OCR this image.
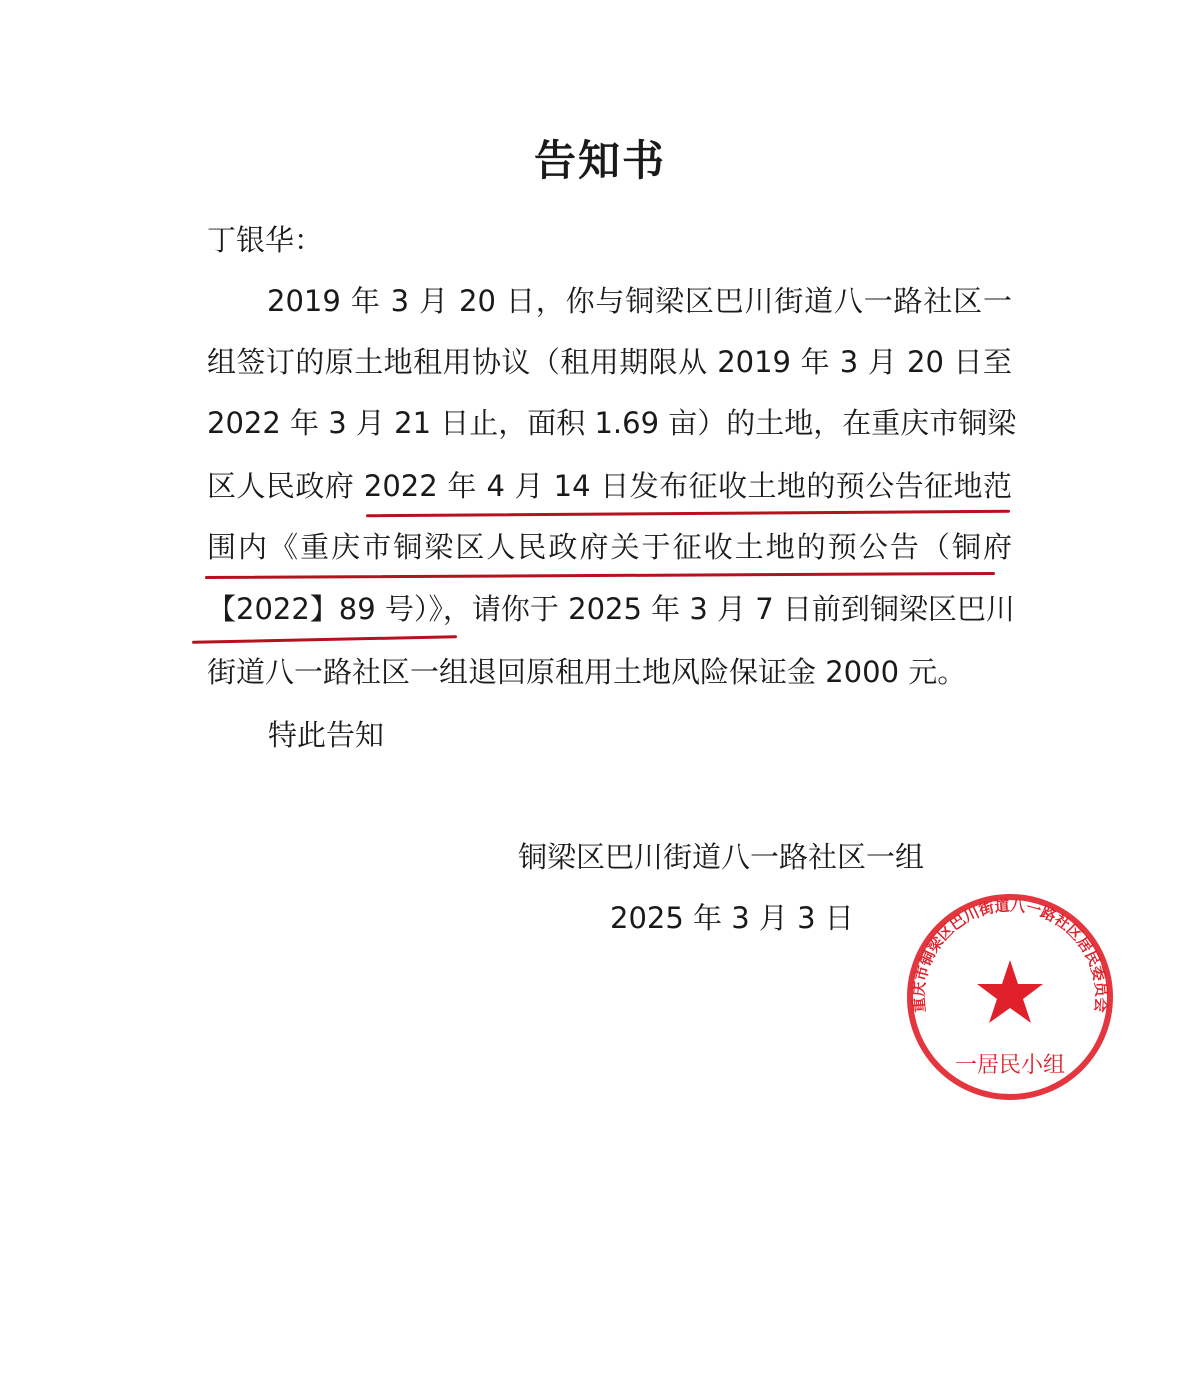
告知书
丁银华：
2019 年 3 月 20 日，你与铜梁区巴川街道八一路社区一
组签订的原土地租用协议（租用期限从 2019 年 3 月 20 日至
2022 年 3 月 21 日止，面积 1.69 亩）的土地，在重庆市铜梁
区人民政府 2022 年 4 月 14 日发布征收土地的预公告征地范
围内《重庆市铜梁区人民政府关于征收土地的预公告（铜府
【2022】89 号）》，请你于 2025 年 3 月 7 日前到铜梁区巴川
街道八一路社区一组退回原租用土地风险保证金 2000 元。
特此告知
铜梁区巴川街道八一路社区一组
2025 年 3 月 3 日
重庆市铜梁区巴川街道八一路社区居民委员会
一居民小组
